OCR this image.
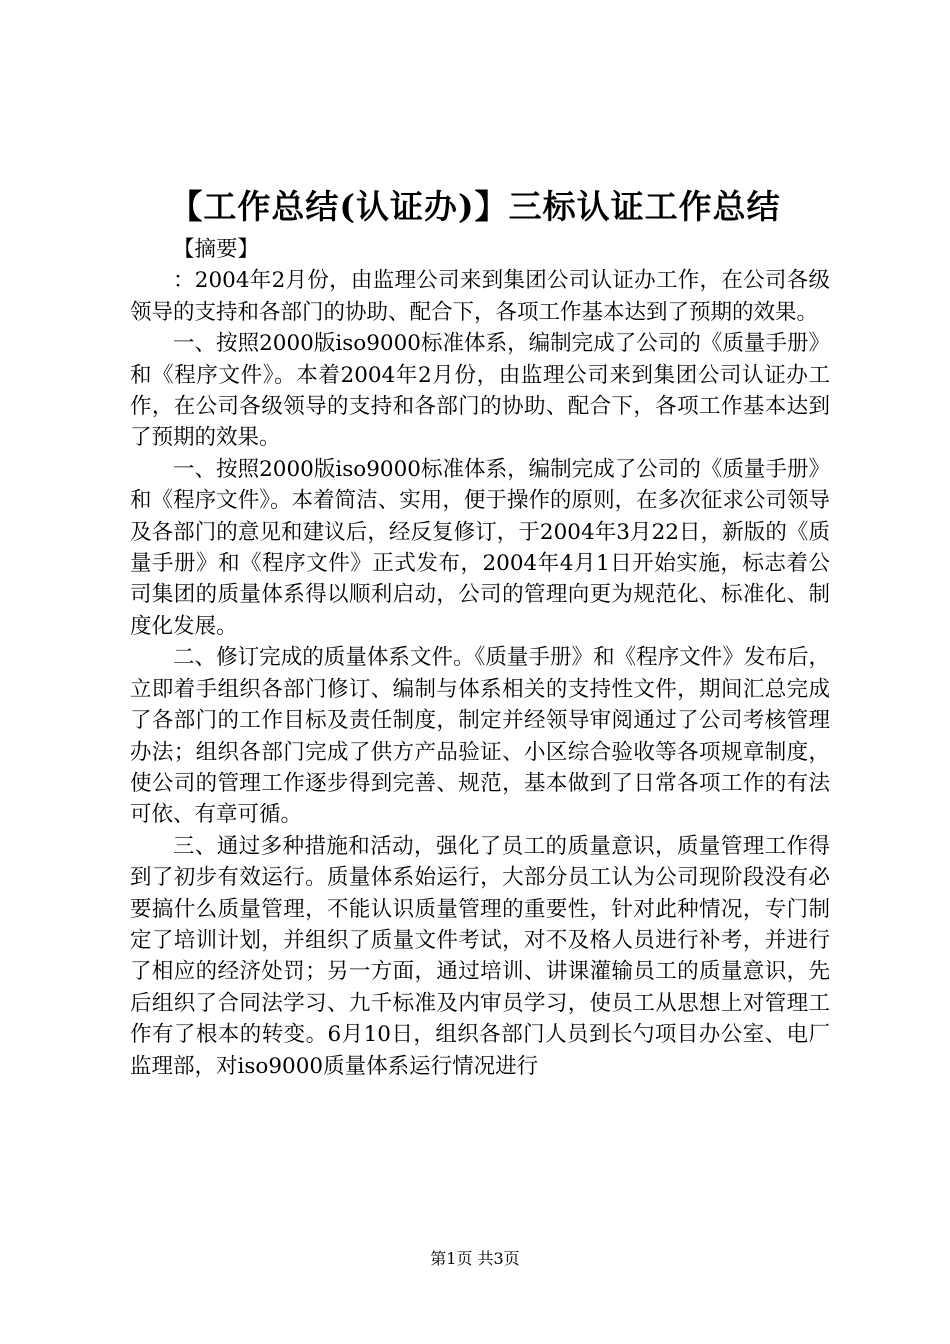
【工作总结(认证办)】三标认证工作总结

【摘要】

：2004年2月份，由监理公司来到集团公司认证办工作，在公司各级领导的支持和各部门的协助、配合下，各项工作基本达到了预期的效果。

一、按照2000版iso9000标准体系，编制完成了公司的《质量手册》和《程序文件》。本着2004年2月份，由监理公司来到集团公司认证办工作，在公司各级领导的支持和各部门的协助、配合下，各项工作基本达到了预期的效果。

一、按照2000版iso9000标准体系，编制完成了公司的《质量手册》和《程序文件》。本着简洁、实用，便于操作的原则，在多次征求公司领导及各部门的意见和建议后，经反复修订，于2004年3月22日，新版的《质量手册》和《程序文件》正式发布，2004年4月1日开始实施，标志着公司集团的质量体系得以顺利启动，公司的管理向更为规范化、标准化、制度化发展。

二、修订完成的质量体系文件。《质量手册》和《程序文件》发布后，立即着手组织各部门修订、编制与体系相关的支持性文件，期间汇总完成了各部门的工作目标及责任制度，制定并经领导审阅通过了公司考核管理办法；组织各部门完成了供方产品验证、小区综合验收等各项规章制度，使公司的管理工作逐步得到完善、规范，基本做到了日常各项工作的有法可依、有章可循。

三、通过多种措施和活动，强化了员工的质量意识，质量管理工作得到了初步有效运行。质量体系始运行，大部分员工认为公司现阶段没有必要搞什么质量管理，不能认识质量管理的重要性，针对此种情况，专门制定了培训计划，并组织了质量文件考试，对不及格人员进行补考，并进行了相应的经济处罚；另一方面，通过培训、讲课灌输员工的质量意识，先后组织了合同法学习、九千标准及内审员学习，使员工从思想上对管理工作有了根本的转变。6月10日，组织各部门人员到长勺项目办公室、电厂监理部，对iso9000质量体系运行情况进行

第1页 共3页
